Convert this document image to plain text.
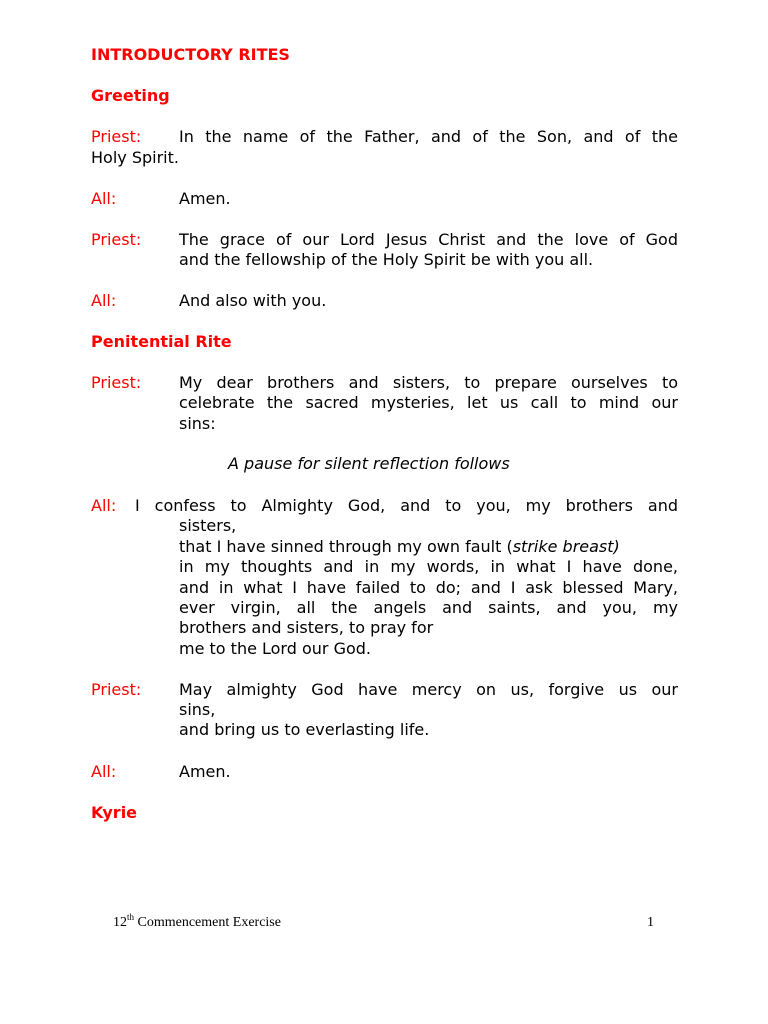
INTRODUCTORY RITES
Greeting
Priest: In the name of the Father, and of the Son, and of the
Holy Spirit.
All:	Amen.
Priest: The grace of our Lord Jesus Christ and the love of God
and the fellowship of the Holy Spirit be with you all.
All:	And also with you.
Penitential Rite
Priest: My dear brothers and sisters, to prepare ourselves to
celebrate the sacred mysteries, let us call to mind our
sins:
A pause for silent reflection follows
All: I confess to Almighty God, and to you, my brothers and
sisters,
that I have sinned through my own fault (strike breast)
in my thoughts and in my words, in what I have done,
and in what I have failed to do; and I ask blessed Mary,
ever virgin, all the angels and saints, and you, my
brothers and sisters, to pray for
me to the Lord our God.
Priest: May almighty God have mercy on us, forgive us our
sins,
and bring us to everlasting life.
All:	Amen.
Kyrie
12th Commencement Exercise	1
